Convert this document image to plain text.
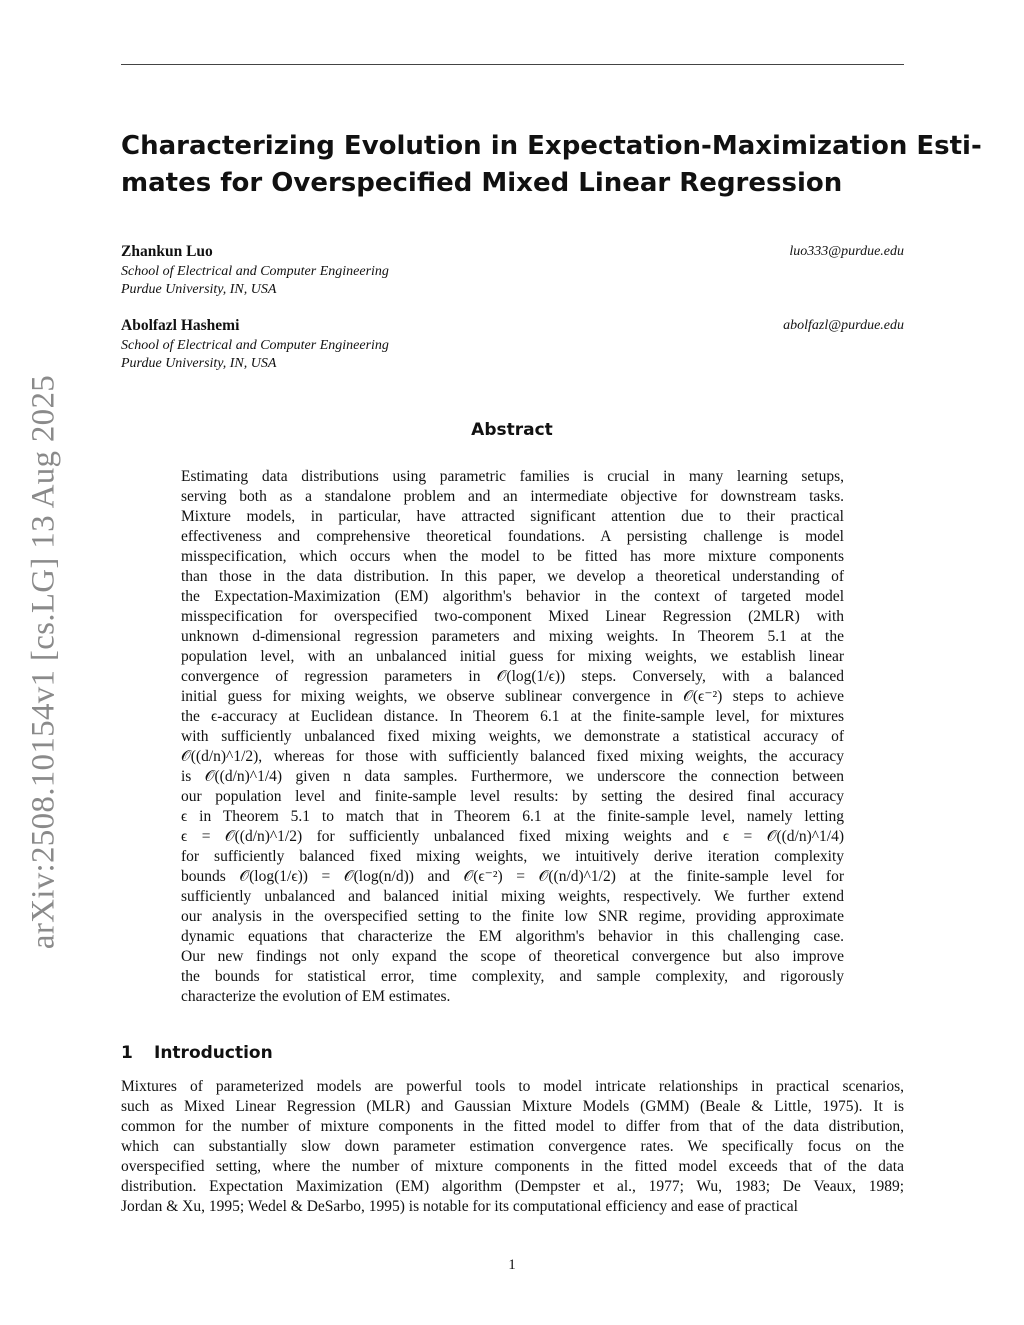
arXiv:2508.10154v1 [cs.LG] 13 Aug 2025
Characterizing Evolution in Expectation-Maximization Esti-
mates for Overspecified Mixed Linear Regression
Zhankun Luo	luo333@purdue.edu
School of Electrical and Computer Engineering
Purdue University, IN, USA
Abolfazl Hashemi	abolfazl@purdue.edu
School of Electrical and Computer Engineering
Purdue University, IN, USA
Abstract
Estimating data distributions using parametric families is crucial in many learning setups,
serving both as a standalone problem and an intermediate objective for downstream tasks.
Mixture models, in particular, have attracted significant attention due to their practical
effectiveness and comprehensive theoretical foundations. A persisting challenge is model
misspecification, which occurs when the model to be fitted has more mixture components
than those in the data distribution. In this paper, we develop a theoretical understanding of
the Expectation-Maximization (EM) algorithm's behavior in the context of targeted model
misspecification for overspecified two-component Mixed Linear Regression (2MLR) with
unknown d-dimensional regression parameters and mixing weights. In Theorem 5.1 at the
population level, with an unbalanced initial guess for mixing weights, we establish linear
convergence of regression parameters in 𝒪(log(1/ϵ)) steps. Conversely, with a balanced
initial guess for mixing weights, we observe sublinear convergence in 𝒪(ϵ⁻²) steps to achieve
the ϵ-accuracy at Euclidean distance. In Theorem 6.1 at the finite-sample level, for mixtures
with sufficiently unbalanced fixed mixing weights, we demonstrate a statistical accuracy of
𝒪((d/n)^1/2), whereas for those with sufficiently balanced fixed mixing weights, the accuracy
is 𝒪((d/n)^1/4) given n data samples. Furthermore, we underscore the connection between
our population level and finite-sample level results: by setting the desired final accuracy
ϵ in Theorem 5.1 to match that in Theorem 6.1 at the finite-sample level, namely letting
ϵ = 𝒪((d/n)^1/2) for sufficiently unbalanced fixed mixing weights and ϵ = 𝒪((d/n)^1/4)
for sufficiently balanced fixed mixing weights, we intuitively derive iteration complexity
bounds 𝒪(log(1/ϵ)) = 𝒪(log(n/d)) and 𝒪(ϵ⁻²) = 𝒪((n/d)^1/2) at the finite-sample level for
sufficiently unbalanced and balanced initial mixing weights, respectively. We further extend
our analysis in the overspecified setting to the finite low SNR regime, providing approximate
dynamic equations that characterize the EM algorithm's behavior in this challenging case.
Our new findings not only expand the scope of theoretical convergence but also improve
the bounds for statistical error, time complexity, and sample complexity, and rigorously
characterize the evolution of EM estimates.
1 Introduction
Mixtures of parameterized models are powerful tools to model intricate relationships in practical scenarios,
such as Mixed Linear Regression (MLR) and Gaussian Mixture Models (GMM) (Beale & Little, 1975). It is
common for the number of mixture components in the fitted model to differ from that of the data distribution,
which can substantially slow down parameter estimation convergence rates. We specifically focus on the
overspecified setting, where the number of mixture components in the fitted model exceeds that of the data
distribution. Expectation Maximization (EM) algorithm (Dempster et al., 1977; Wu, 1983; De Veaux, 1989;
Jordan & Xu, 1995; Wedel & DeSarbo, 1995) is notable for its computational efficiency and ease of practical
1
